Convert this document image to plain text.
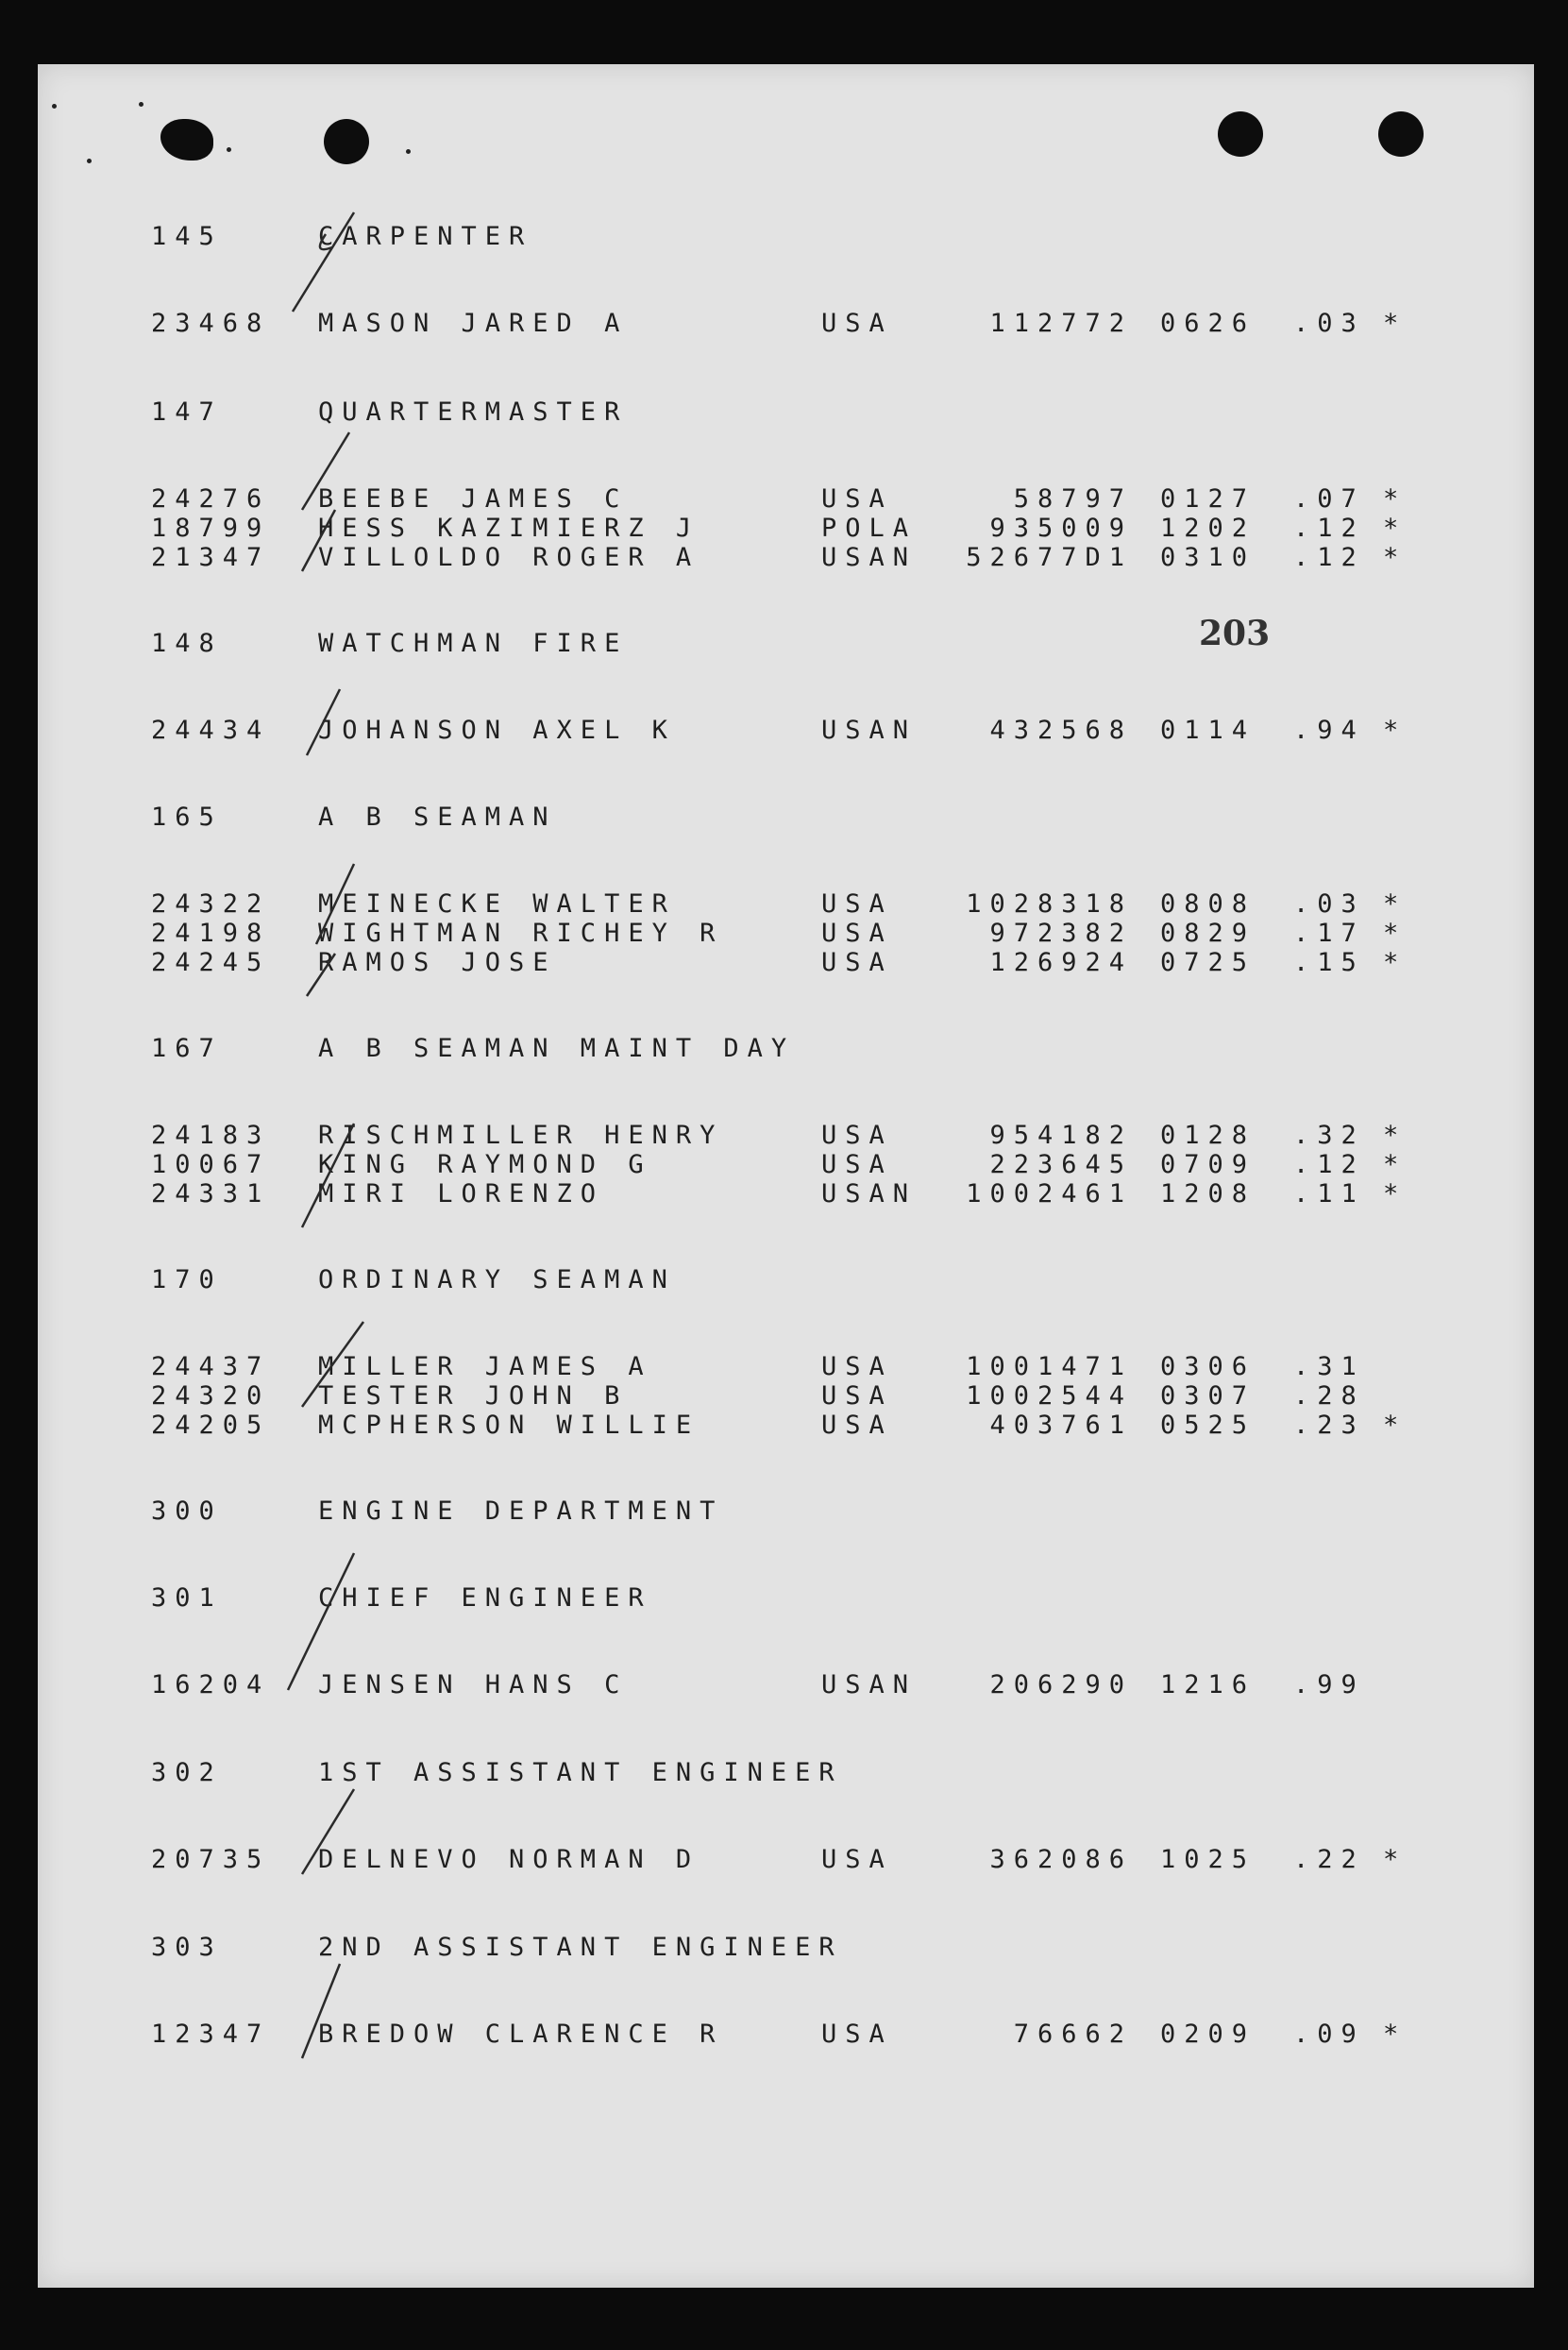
203
145	CARPENTER
23468 MASON JARED A	USA	112772 0626 .03 *
147	QUARTERMASTER
24276 BEEBE JAMES C	USA	58797 0127 .07 *
18799 HESS KAZIMIERZ J	POLA	935009 1202 .12 *
21347 VILLOLDO ROGER A	USAN	52677D1 0310 .12 *
148	WATCHMAN FIRE
24434 JOHANSON AXEL K	USAN	432568 0114 .94 *
165	A B SEAMAN
24322 MEINECKE WALTER	USA	1028318 0808 .03 *
24198 WIGHTMAN RICHEY R	USA	972382 0829 .17 *
24245 RAMOS JOSE	USA	126924 0725 .15 *
167	A B SEAMAN MAINT DAY
24183 RISCHMILLER HENRY	USA	954182 0128 .32 *
10067 KING RAYMOND G	USA	223645 0709 .12 *
24331 MIRI LORENZO	USAN	1002461 1208 .11 *
170	ORDINARY SEAMAN
24437 MILLER JAMES A	USA	1001471 0306 .31
24320 TESTER JOHN B	USA	1002544 0307 .28
24205 MCPHERSON WILLIE	USA	403761 0525 .23 *
300	ENGINE DEPARTMENT
301	CHIEF ENGINEER
16204 JENSEN HANS C	USAN	206290 1216 .99
302	1ST ASSISTANT ENGINEER
20735 DELNEVO NORMAN D	USA	362086 1025 .22 *
303	2ND ASSISTANT ENGINEER
12347 BREDOW CLARENCE R	USA	76662 0209 .09 *
